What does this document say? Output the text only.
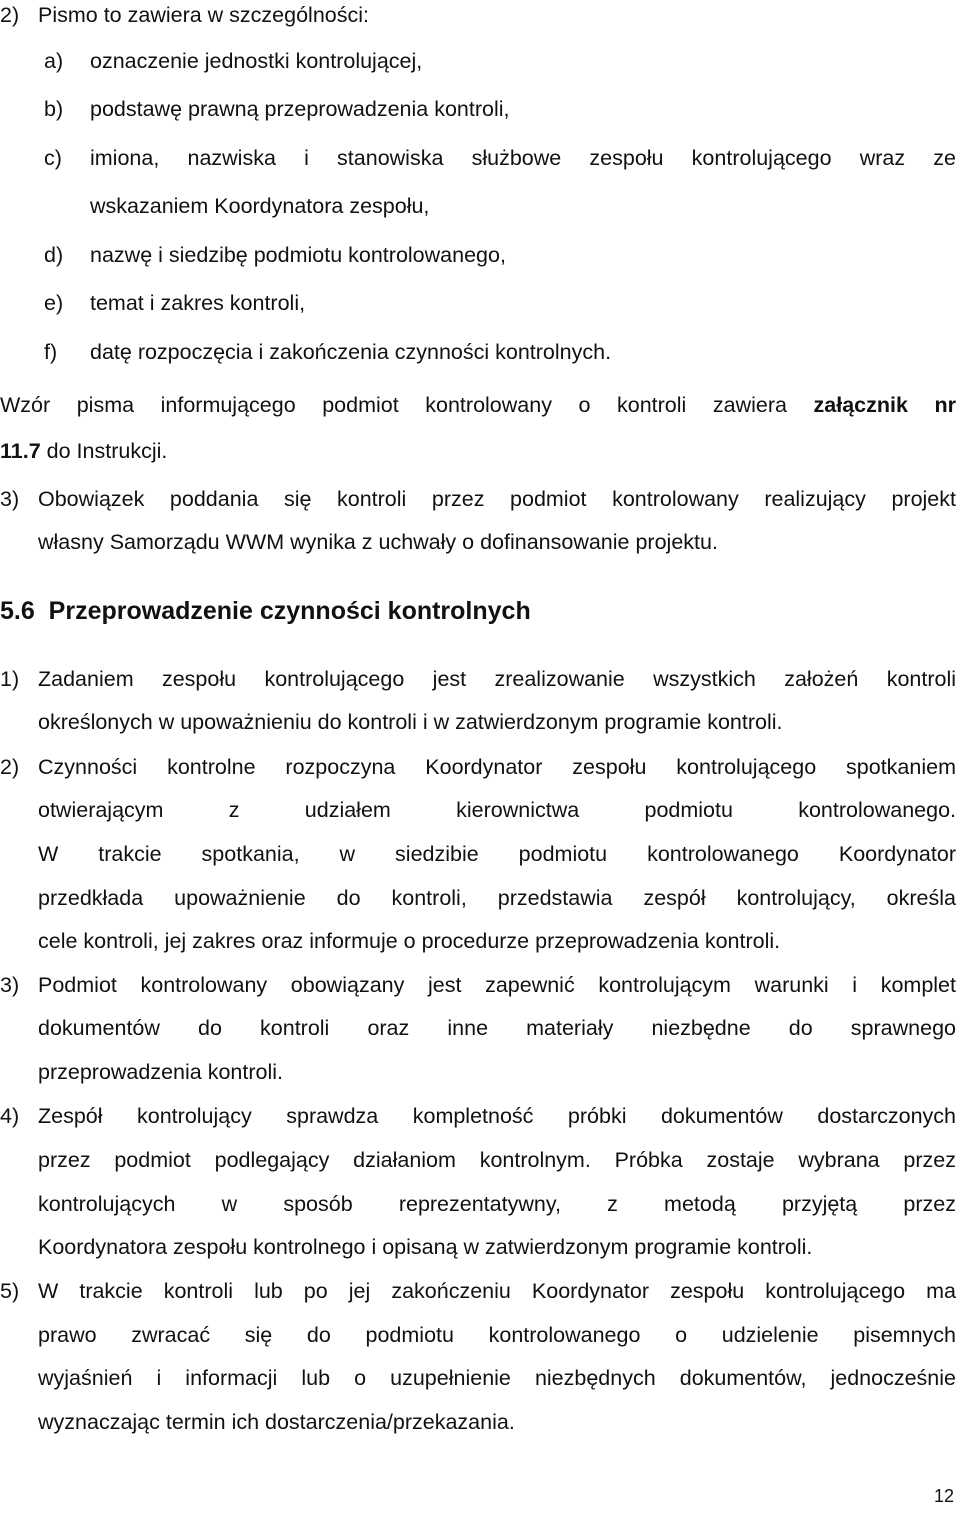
2) Pismo to zawiera w szczególności:
a) oznaczenie jednostki kontrolującej,
b) podstawę prawną przeprowadzenia kontroli,
c) imiona, nazwiska i stanowiska służbowe zespołu kontrolującego wraz ze
wskazaniem Koordynatora zespołu,
d) nazwę i siedzibę podmiotu kontrolowanego,
e) temat i zakres kontroli,
f) datę rozpoczęcia i zakończenia czynności kontrolnych.
Wzór pisma informującego podmiot kontrolowany o kontroli zawiera załącznik nr
11.7 do Instrukcji.
3) Obowiązek poddania się kontroli przez podmiot kontrolowany realizujący projekt
własny Samorządu WWM wynika z uchwały o dofinansowanie projektu.
5.6 Przeprowadzenie czynności kontrolnych
1) Zadaniem zespołu kontrolującego jest zrealizowanie wszystkich założeń kontroli
określonych w upoważnieniu do kontroli i w zatwierdzonym programie kontroli.
2) Czynności kontrolne rozpoczyna Koordynator zespołu kontrolującego spotkaniem
otwierającym z udziałem kierownictwa podmiotu kontrolowanego.
W trakcie spotkania, w siedzibie podmiotu kontrolowanego Koordynator
przedkłada upoważnienie do kontroli, przedstawia zespół kontrolujący, określa
cele kontroli, jej zakres oraz informuje o procedurze przeprowadzenia kontroli.
3) Podmiot kontrolowany obowiązany jest zapewnić kontrolującym warunki i komplet
dokumentów do kontroli oraz inne materiały niezbędne do sprawnego
przeprowadzenia kontroli.
4) Zespół kontrolujący sprawdza kompletność próbki dokumentów dostarczonych
przez podmiot podlegający działaniom kontrolnym. Próbka zostaje wybrana przez
kontrolujących w sposób reprezentatywny, z metodą przyjętą przez
Koordynatora zespołu kontrolnego i opisaną w zatwierdzonym programie kontroli.
5) W trakcie kontroli lub po jej zakończeniu Koordynator zespołu kontrolującego ma
prawo zwracać się do podmiotu kontrolowanego o udzielenie pisemnych
wyjaśnień i informacji lub o uzupełnienie niezbędnych dokumentów, jednocześnie
wyznaczając termin ich dostarczenia/przekazania.
12
